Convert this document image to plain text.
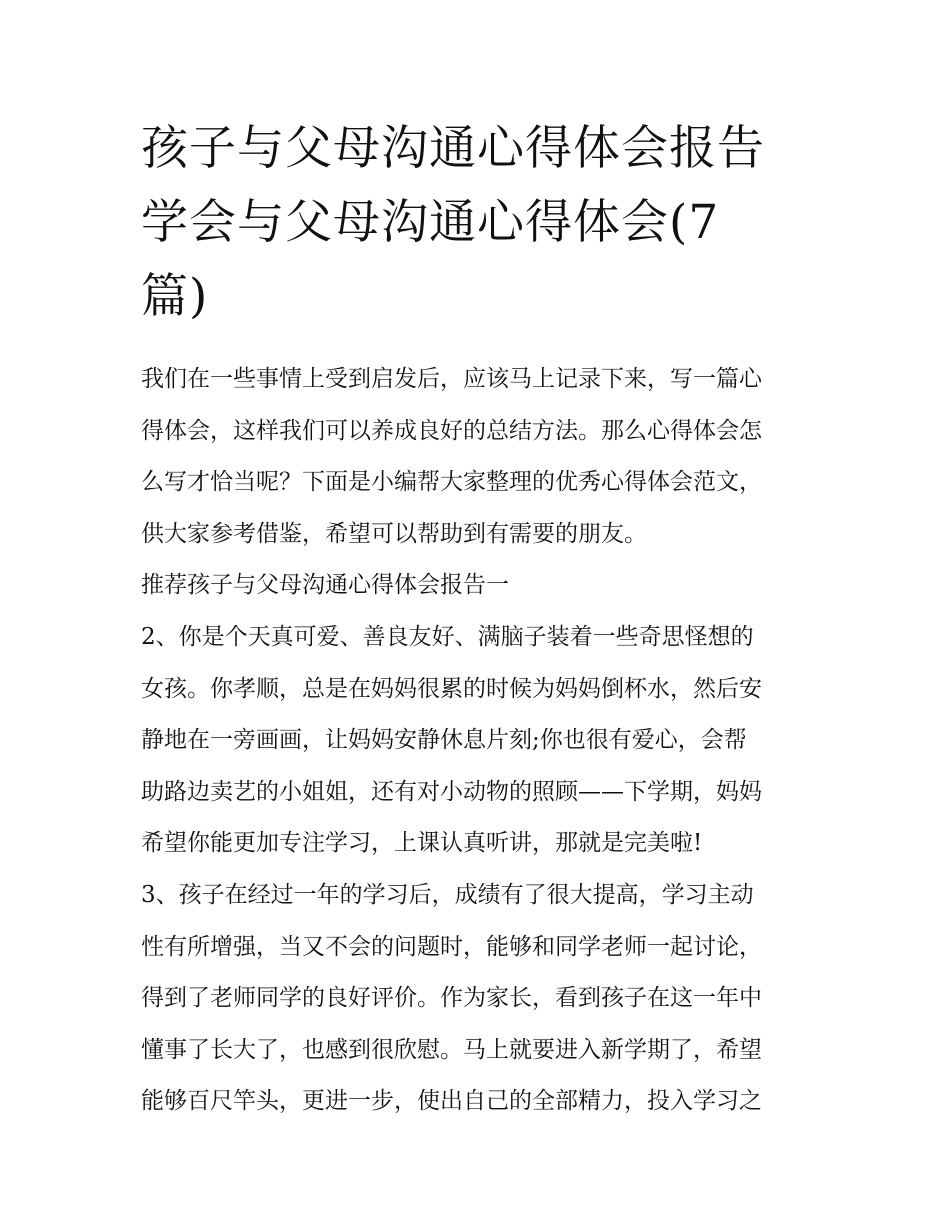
孩子与父母沟通心得体会报告
学会与父母沟通心得体会(7
篇)

我们在一些事情上受到启发后，应该马上记录下来，写一篇心
得体会，这样我们可以养成良好的总结方法。那么心得体会怎
么写才恰当呢？下面是小编帮大家整理的优秀心得体会范文，
供大家参考借鉴，希望可以帮助到有需要的朋友。

推荐孩子与父母沟通心得体会报告一

2、你是个天真可爱、善良友好、满脑子装着一些奇思怪想的
女孩。你孝顺，总是在妈妈很累的时候为妈妈倒杯水，然后安
静地在一旁画画，让妈妈安静休息片刻;你也很有爱心，会帮
助路边卖艺的小姐姐，还有对小动物的照顾——下学期，妈妈
希望你能更加专注学习，上课认真听讲，那就是完美啦!

3、孩子在经过一年的学习后，成绩有了很大提高，学习主动
性有所增强，当又不会的问题时，能够和同学老师一起讨论，
得到了老师同学的良好评价。作为家长，看到孩子在这一年中
懂事了长大了，也感到很欣慰。马上就要进入新学期了，希望
能够百尺竿头，更进一步，使出自己的全部精力，投入学习之
